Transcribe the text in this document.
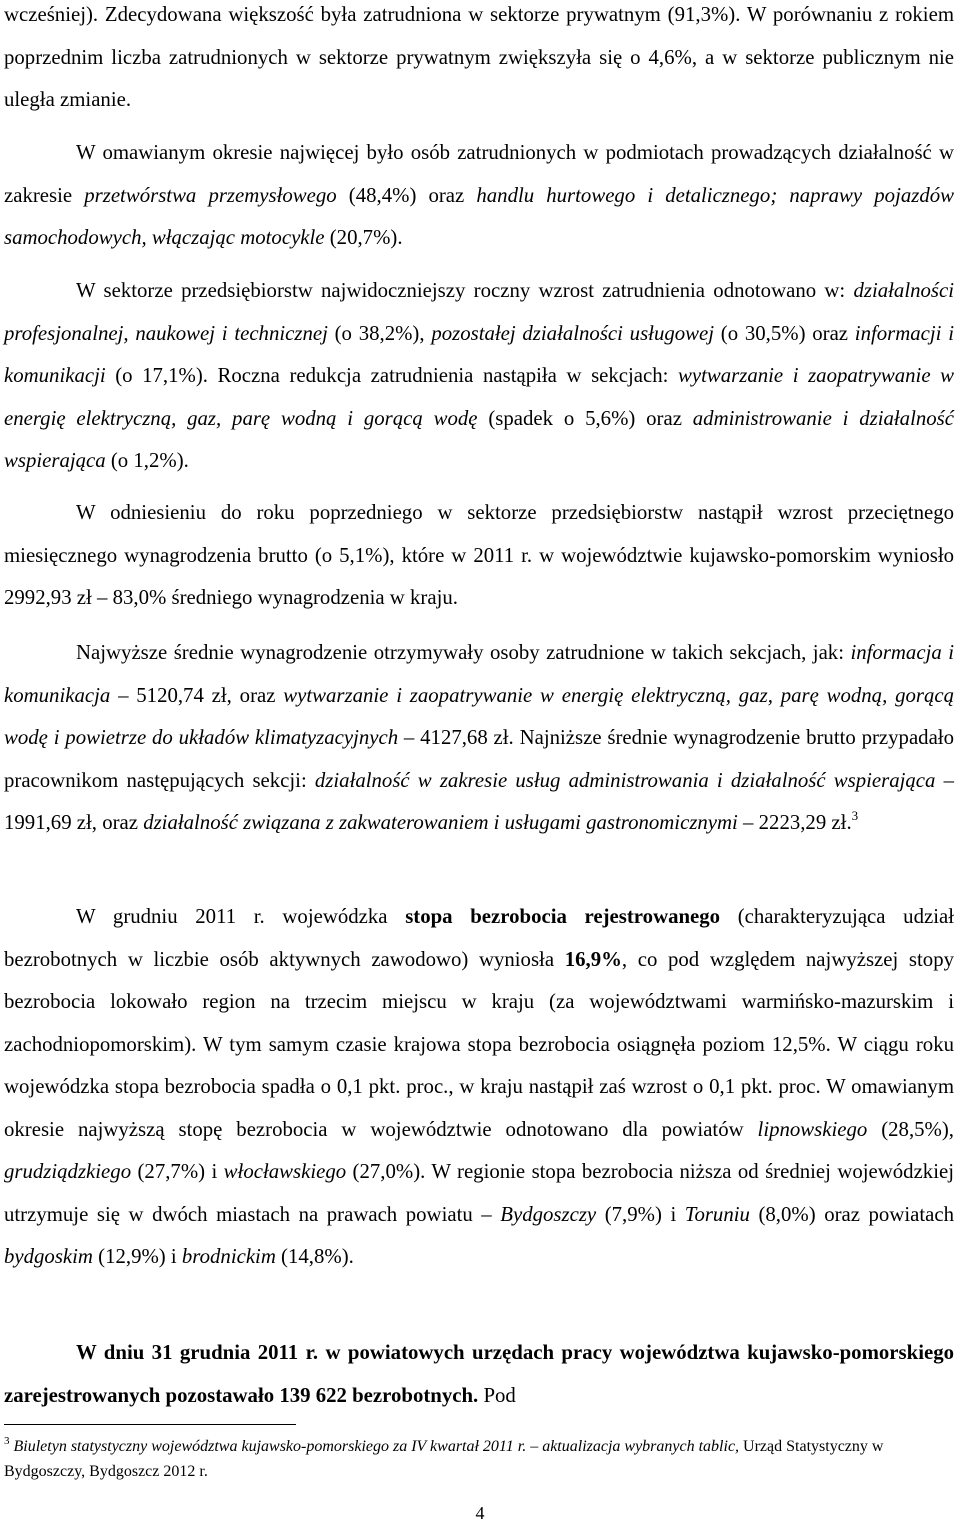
wcześniej). Zdecydowana większość była zatrudniona w sektorze prywatnym (91,3%). W porównaniu z rokiem poprzednim liczba zatrudnionych w sektorze prywatnym zwiększyła się o 4,6%, a w sektorze publicznym nie uległa zmianie.

W omawianym okresie najwięcej było osób zatrudnionych w podmiotach prowadzących działalność w zakresie przetwórstwa przemysłowego (48,4%) oraz handlu hurtowego i detalicznego; naprawy pojazdów samochodowych, włączając motocykle (20,7%).

W sektorze przedsiębiorstw najwidoczniejszy roczny wzrost zatrudnienia odnotowano w: działalności profesjonalnej, naukowej i technicznej (o 38,2%), pozostałej działalności usługowej (o 30,5%) oraz informacji i komunikacji (o 17,1%). Roczna redukcja zatrudnienia nastąpiła w sekcjach: wytwarzanie i zaopatrywanie w energię elektryczną, gaz, parę wodną i gorącą wodę (spadek o 5,6%) oraz administrowanie i działalność wspierająca (o 1,2%).

W odniesieniu do roku poprzedniego w sektorze przedsiębiorstw nastąpił wzrost przeciętnego miesięcznego wynagrodzenia brutto (o 5,1%), które w 2011 r. w województwie kujawsko-pomorskim wyniosło 2992,93 zł – 83,0% średniego wynagrodzenia w kraju.

Najwyższe średnie wynagrodzenie otrzymywały osoby zatrudnione w takich sekcjach, jak: informacja i komunikacja – 5120,74 zł, oraz wytwarzanie i zaopatrywanie w energię elektryczną, gaz, parę wodną, gorącą wodę i powietrze do układów klimatyzacyjnych – 4127,68 zł. Najniższe średnie wynagrodzenie brutto przypadało pracownikom następujących sekcji: działalność w zakresie usług administrowania i działalność wspierająca – 1991,69 zł, oraz działalność związana z zakwaterowaniem i usługami gastronomicznymi – 2223,29 zł.$^3$

W grudniu 2011 r. wojewódzka stopa bezrobocia rejestrowanego (charakteryzująca udział bezrobotnych w liczbie osób aktywnych zawodowo) wyniosła 16,9%, co pod względem najwyższej stopy bezrobocia lokowało region na trzecim miejscu w kraju (za województwami warmińsko-mazurskim i zachodniopomorskim). W tym samym czasie krajowa stopa bezrobocia osiągnęła poziom 12,5%. W ciągu roku wojewódzka stopa bezrobocia spadła o 0,1 pkt. proc., w kraju nastąpił zaś wzrost o 0,1 pkt. proc. W omawianym okresie najwyższą stopę bezrobocia w województwie odnotowano dla powiatów lipnowskiego (28,5%), grudziądzkiego (27,7%) i włocławskiego (27,0%). W regionie stopa bezrobocia niższa od średniej wojewódzkiej utrzymuje się w dwóch miastach na prawach powiatu – Bydgoszczy (7,9%) i Toruniu (8,0%) oraz powiatach bydgoskim (12,9%) i brodnickim (14,8%).

W dniu 31 grudnia 2011 r. w powiatowych urzędach pracy województwa kujawsko-pomorskiego zarejestrowanych pozostawało 139 622 bezrobotnych. Pod

$^3$ Biuletyn statystyczny województwa kujawsko-pomorskiego za IV kwartał 2011 r. – aktualizacja wybranych tablic, Urząd Statystyczny w Bydgoszczy, Bydgoszcz 2012 r.
4
